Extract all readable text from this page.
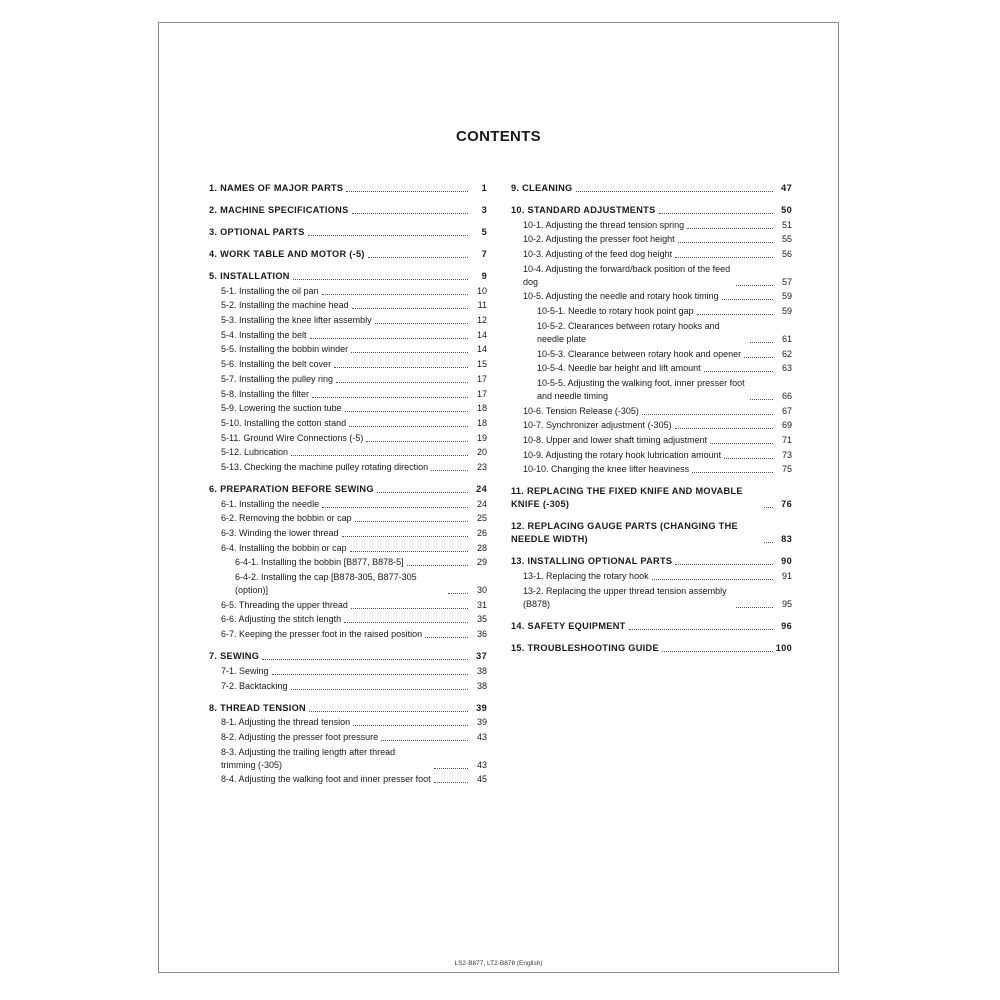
CONTENTS
1. NAMES OF MAJOR PARTS	1
2. MACHINE SPECIFICATIONS	3
3. OPTIONAL PARTS	5
4. WORK TABLE AND MOTOR (-5)	7
5. INSTALLATION	9
5-1. Installing the oil pan	10
5-2. Installing the machine head	11
5-3. Installing the knee lifter assembly	12
5-4. Installing the belt	14
5-5. Installing the bobbin winder	14
5-6. Installing the belt cover	15
5-7. Installing the pulley ring	17
5-8. Installing the filter	17
5-9. Lowering the suction tube	18
5-10. Installing the cotton stand	18
5-11. Ground Wire Connections (-5)	19
5-12. Lubrication	20
5-13. Checking the machine pulley rotating direction	23
6. PREPARATION BEFORE SEWING	24
6-1. Installing the needle	24
6-2. Removing the bobbin or cap	25
6-3. Winding the lower thread	26
6-4. Installing the bobbin or cap	28
6-4-1. Installing the bobbin [B877, B878-5]	29
6-4-2. Installing the cap [B878-305, B877-305 (option)]	30
6-5. Threading the upper thread	31
6-6. Adjusting the stitch length	35
6-7. Keeping the presser foot in the raised position	36
7. SEWING	37
7-1. Sewing	38
7-2. Backtacking	38
8. THREAD TENSION	39
8-1. Adjusting the thread tension	39
8-2. Adjusting the presser foot pressure	43
8-3. Adjusting the trailing length after thread trimming (-305)	43
8-4. Adjusting the walking foot and inner presser foot	45
9. CLEANING	47
10. STANDARD ADJUSTMENTS	50
10-1. Adjusting the thread tension spring	51
10-2. Adjusting the presser foot height	55
10-3. Adjusting of the feed dog height	56
10-4. Adjusting the forward/back position of the feed dog	57
10-5. Adjusting the needle and rotary hook timing	59
10-5-1. Needle to rotary hook point gap	59
10-5-2. Clearances between rotary hooks and needle plate	61
10-5-3. Clearance between rotary hook and opener	62
10-5-4. Needle bar height and lift amount	63
10-5-5. Adjusting the walking foot, inner presser foot and needle timing	66
10-6. Tension Release (-305)	67
10-7. Synchronizer adjustment (-305)	69
10-8. Upper and lower shaft timing adjustment	71
10-9. Adjusting the rotary hook lubrication amount	73
10-10. Changing the knee lifter heaviness	75
11. REPLACING THE FIXED KNIFE AND MOVABLE KNIFE (-305)	76
12. REPLACING GAUGE PARTS (CHANGING THE NEEDLE WIDTH)	83
13. INSTALLING OPTIONAL PARTS	90
13-1. Replacing the rotary hook	91
13-2. Replacing the upper thread tension assembly (B878)	95
14. SAFETY EQUIPMENT	96
15. TROUBLESHOOTING GUIDE	100
LS2-B877, LT2-B878 (English)
